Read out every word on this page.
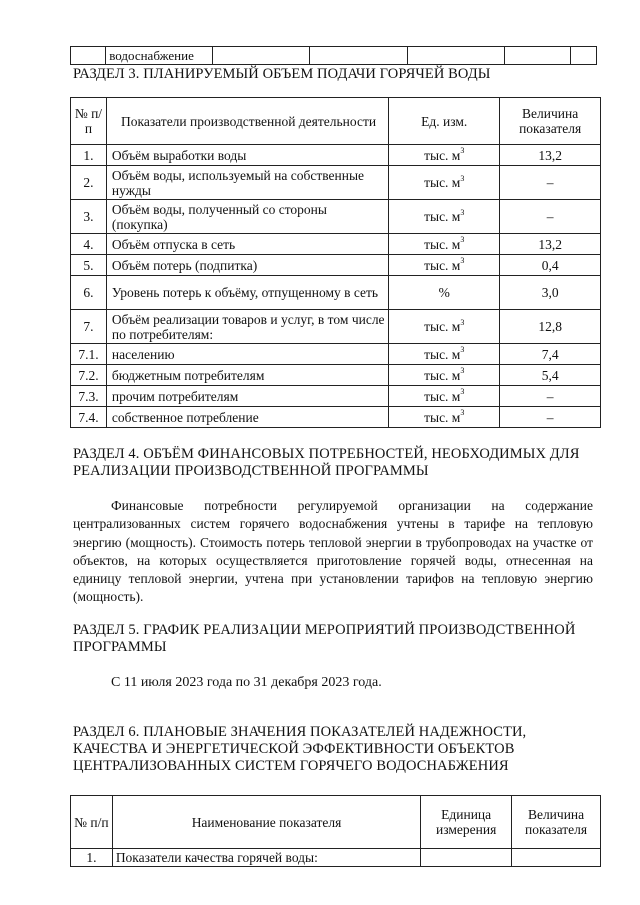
	водоснабжение					
РАЗДЕЛ 3. ПЛАНИРУЕМЫЙ ОБЪЕМ ПОДАЧИ ГОРЯЧЕЙ ВОДЫ
№ п/п	Показатели производственной деятельности	Ед. изм.	Величина показателя
1.	Объём выработки воды	тыс. $м^3$	13,2
2.	Объём воды, используемый на собственные нужды	тыс. $м^3$	–
3.	Объём воды, полученный со стороны (покупка)	тыс. $м^3$	–
4.	Объём отпуска в сеть	тыс. $м^3$	13,2
5.	Объём потерь (подпитка)	тыс. $м^3$	0,4
6.	Уровень потерь к объёму, отпущенному в сеть	%	3,0
7.	Объём реализации товаров и услуг, в том числе по потребителям:	тыс. $м^3$	12,8
7.1.	населению	тыс. $м^3$	7,4
7.2.	бюджетным потребителям	тыс. $м^3$	5,4
7.3.	прочим потребителям	тыс. $м^3$	–
7.4.	собственное потребление	тыс. $м^3$	–
РАЗДЕЛ 4. ОБЪЁМ ФИНАНСОВЫХ ПОТРЕБНОСТЕЙ, НЕОБХОДИМЫХ ДЛЯ РЕАЛИЗАЦИИ ПРОИЗВОДСТВЕННОЙ ПРОГРАММЫ
Финансовые потребности регулируемой организации на содержание централизованных систем горячего водоснабжения учтены в тарифе на тепловую энергию (мощность). Стоимость потерь тепловой энергии в трубопроводах на участке от объектов, на которых осуществляется приготовление горячей воды, отнесенная на единицу тепловой энергии, учтена при установлении тарифов на тепловую энергию (мощность).
РАЗДЕЛ 5. ГРАФИК РЕАЛИЗАЦИИ МЕРОПРИЯТИЙ ПРОИЗВОДСТВЕННОЙ ПРОГРАММЫ
С 11 июля 2023 года по 31 декабря 2023 года.
РАЗДЕЛ 6. ПЛАНОВЫЕ ЗНАЧЕНИЯ ПОКАЗАТЕЛЕЙ НАДЕЖНОСТИ, КАЧЕСТВА И ЭНЕРГЕТИЧЕСКОЙ ЭФФЕКТИВНОСТИ ОБЪЕКТОВ ЦЕНТРАЛИЗОВАННЫХ СИСТЕМ ГОРЯЧЕГО ВОДОСНАБЖЕНИЯ
№ п/п	Наименование показателя	Единица измерения	Величина показателя
1.	Показатели качества горячей воды:		
